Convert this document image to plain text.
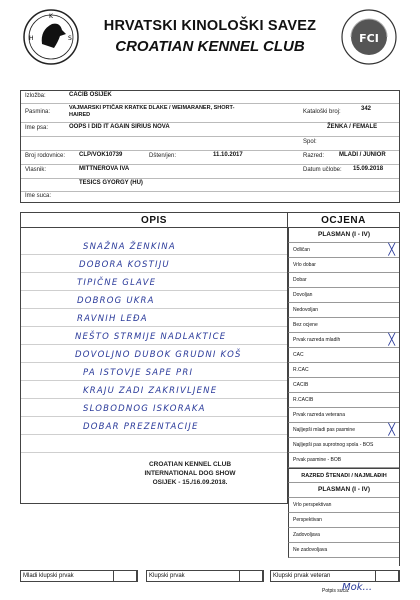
K
H	S
HRVATSKI KINOLOŠKI SAVEZ
CROATIAN KENNEL CLUB	FCI
Izložba:	CACIB OSIJEK
Pasmina:
VAJMARSKI PTIČAR KRATKE DLAKE / WEIMARANER, SHORT-HAIRED	Kataloški broj:	342
Ime psa:	OOPS I DID IT AGAIN SIRIUS NOVA	ŽENKA / FEMALE
Spol:
Broj rodovnice: CLP/VOK10739	Dšten/jen:	11.10.2017	Razred: MLADI / JUNIOR
Vlasnik:	MITTNEROVA IVA	Datum učlobe: 15.09.2018
TESICS GYORGY (HU)
Ime suca:
OPIS	OCJENA
SNAŽNA ŽENKINA
DOBORA KOSTIJU
TIPIČNE GLAVE
DOBROG UKRA
RAVNIH LEĐA
NEŠTO STRMIJE NADLAKTICE
DOVOLJNO DUBOK GRUDNI KOŠ
PA ISTOVJE SAPE PRI
KRAJU ZADI ZAKRIVLJENE
SLOBODNOG ISKORAKA
DOBAR PREZENTACIJE
PLASMAN (I - IV)
Odličan	╳
Vrlo dobar
Dobar
Dovoljan
Nedovoljan
Bez ocjene
Prvak razreda mladih	╳
CAC
R.CAC
CACIB
R.CACIB
Prvak razreda veterana
Najljepši mladi pas pasmine	╳
Najljepši pas suprotnog spola - BOS
Prvak pasmine - BOB
RAZRED ŠTENADI / NAJMLAĐIH
PLASMAN (I - IV)
Vrlo perspektivan
Perspektivan
Zadovoljava
Ne zadovoljava
CROATIAN KENNEL CLUB
INTERNATIONAL DOG SHOW
OSIJEK - 15./16.09.2018.
Mladi klupski prvak	Klupski prvak	Klupski prvak veteran
Potpis suca:
Mok...
